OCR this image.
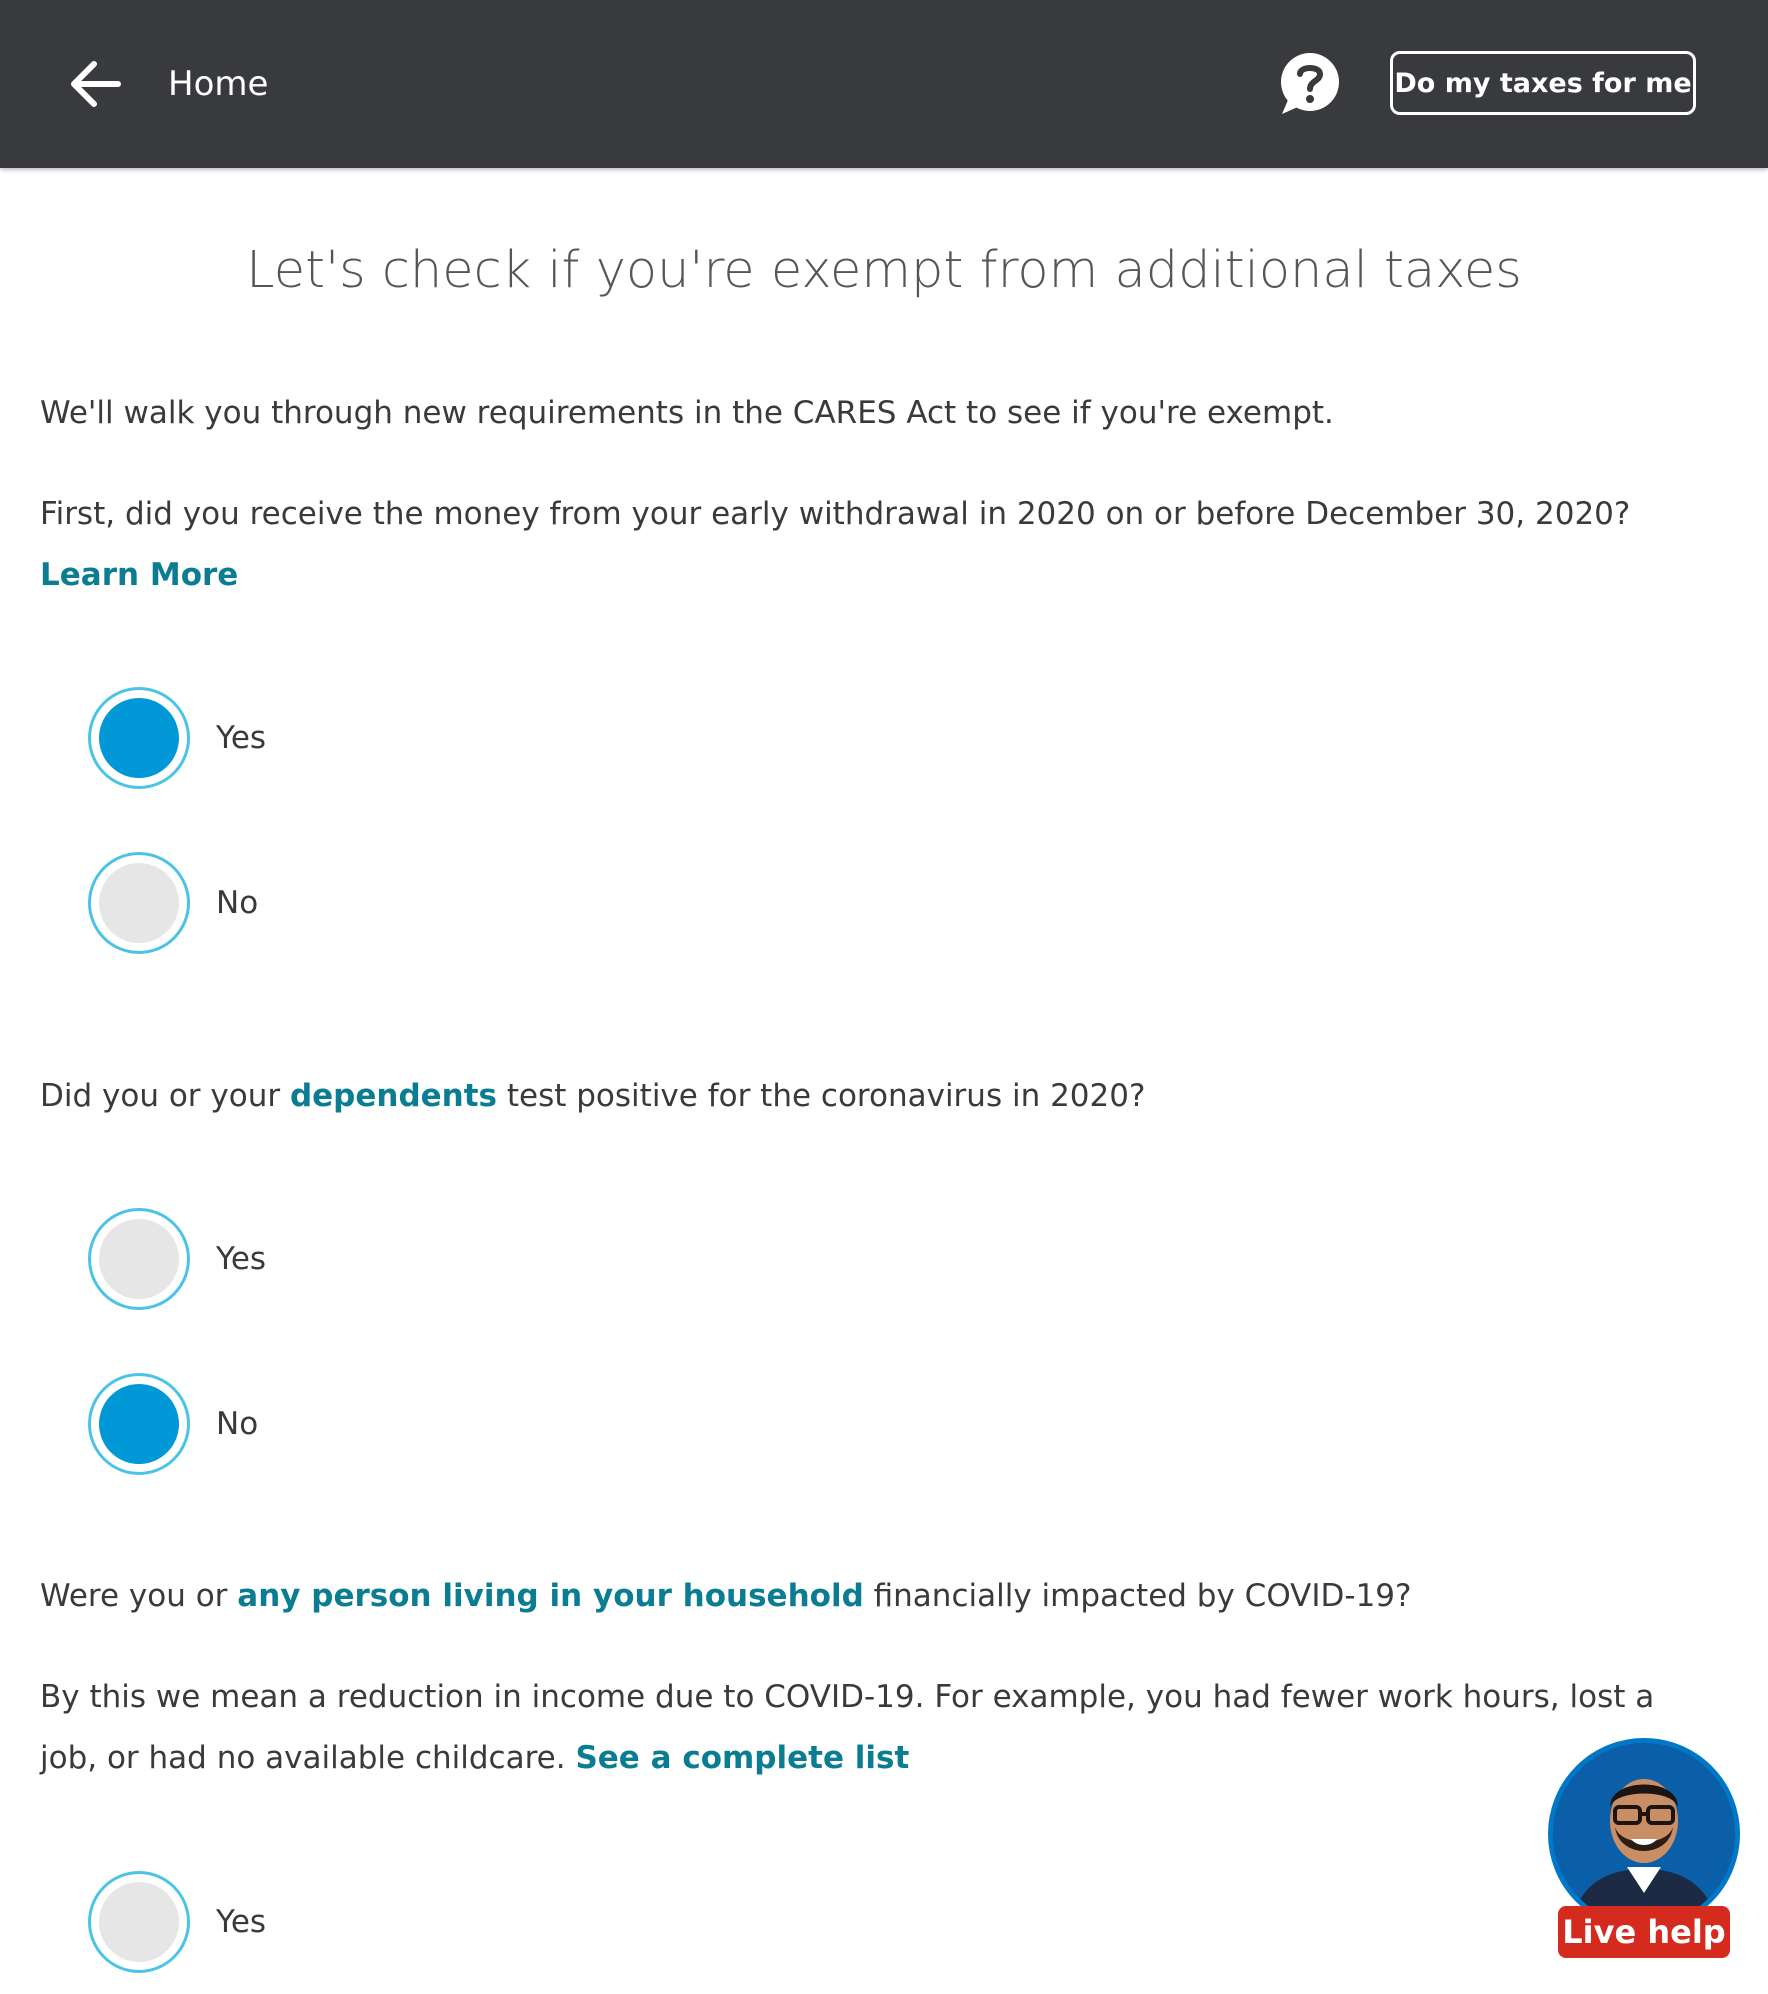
Home	Do my taxes for me
Let's check if you're exempt from additional taxes
We'll walk you through new requirements in the CARES Act to see if you're exempt.
First, did you receive the money from your early withdrawal in 2020 on or before December 30, 2020? Learn More
Yes
No
Did you or your dependents test positive for the coronavirus in 2020?
Yes
No
Were you or any person living in your household financially impacted by COVID-19?
By this we mean a reduction in income due to COVID-19. For example, you had fewer work hours, lost a job, or had no available childcare. See a complete list
Yes	Live help
